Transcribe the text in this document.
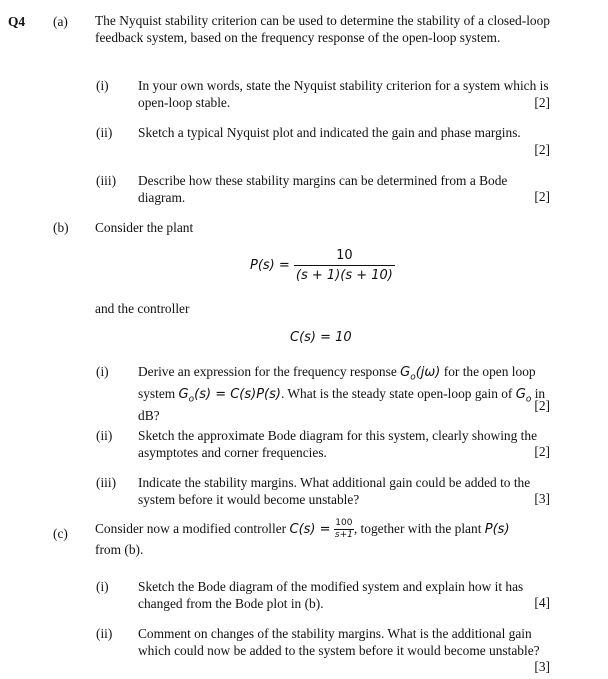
Q4 (a) The Nyquist stability criterion can be used to determine the stability of a closed-loop feedback system, based on the frequency response of the open-loop system.
(i) In your own words, state the Nyquist stability criterion for a system which is open-loop stable.	[2]
(ii) Sketch a typical Nyquist plot and indicated the gain and phase margins.
[2]
(iii) Describe how these stability margins can be determined from a Bode diagram.	[2]
(b) Consider the plant
$P(s) = \frac{10}{(s + 1)(s + 10)}$
and the controller
C(s) = 10
(i) Derive an expression for the frequency response $G_o(j\omega)$ for the open loop system $G_o(s) = C(s)P(s)$. What is the steady state open-loop gain of $G_o$ in dB?
[2]
(ii) Sketch the approximate Bode diagram for this system, clearly showing the asymptotes and corner frequencies.	[2]
(iii) Indicate the stability margins. What additional gain could be added to the system before it would become unstable?	[3]
(c) Consider now a modified controller $C(s) = \frac{100}{s+1}$ , together with the plant P(s)
from (b).
(i) Sketch the Bode diagram of the modified system and explain how it has changed from the Bode plot in (b).	[4]
(ii) Comment on changes of the stability margins. What is the additional gain which could now be added to the system before it would become unstable?
[3]
